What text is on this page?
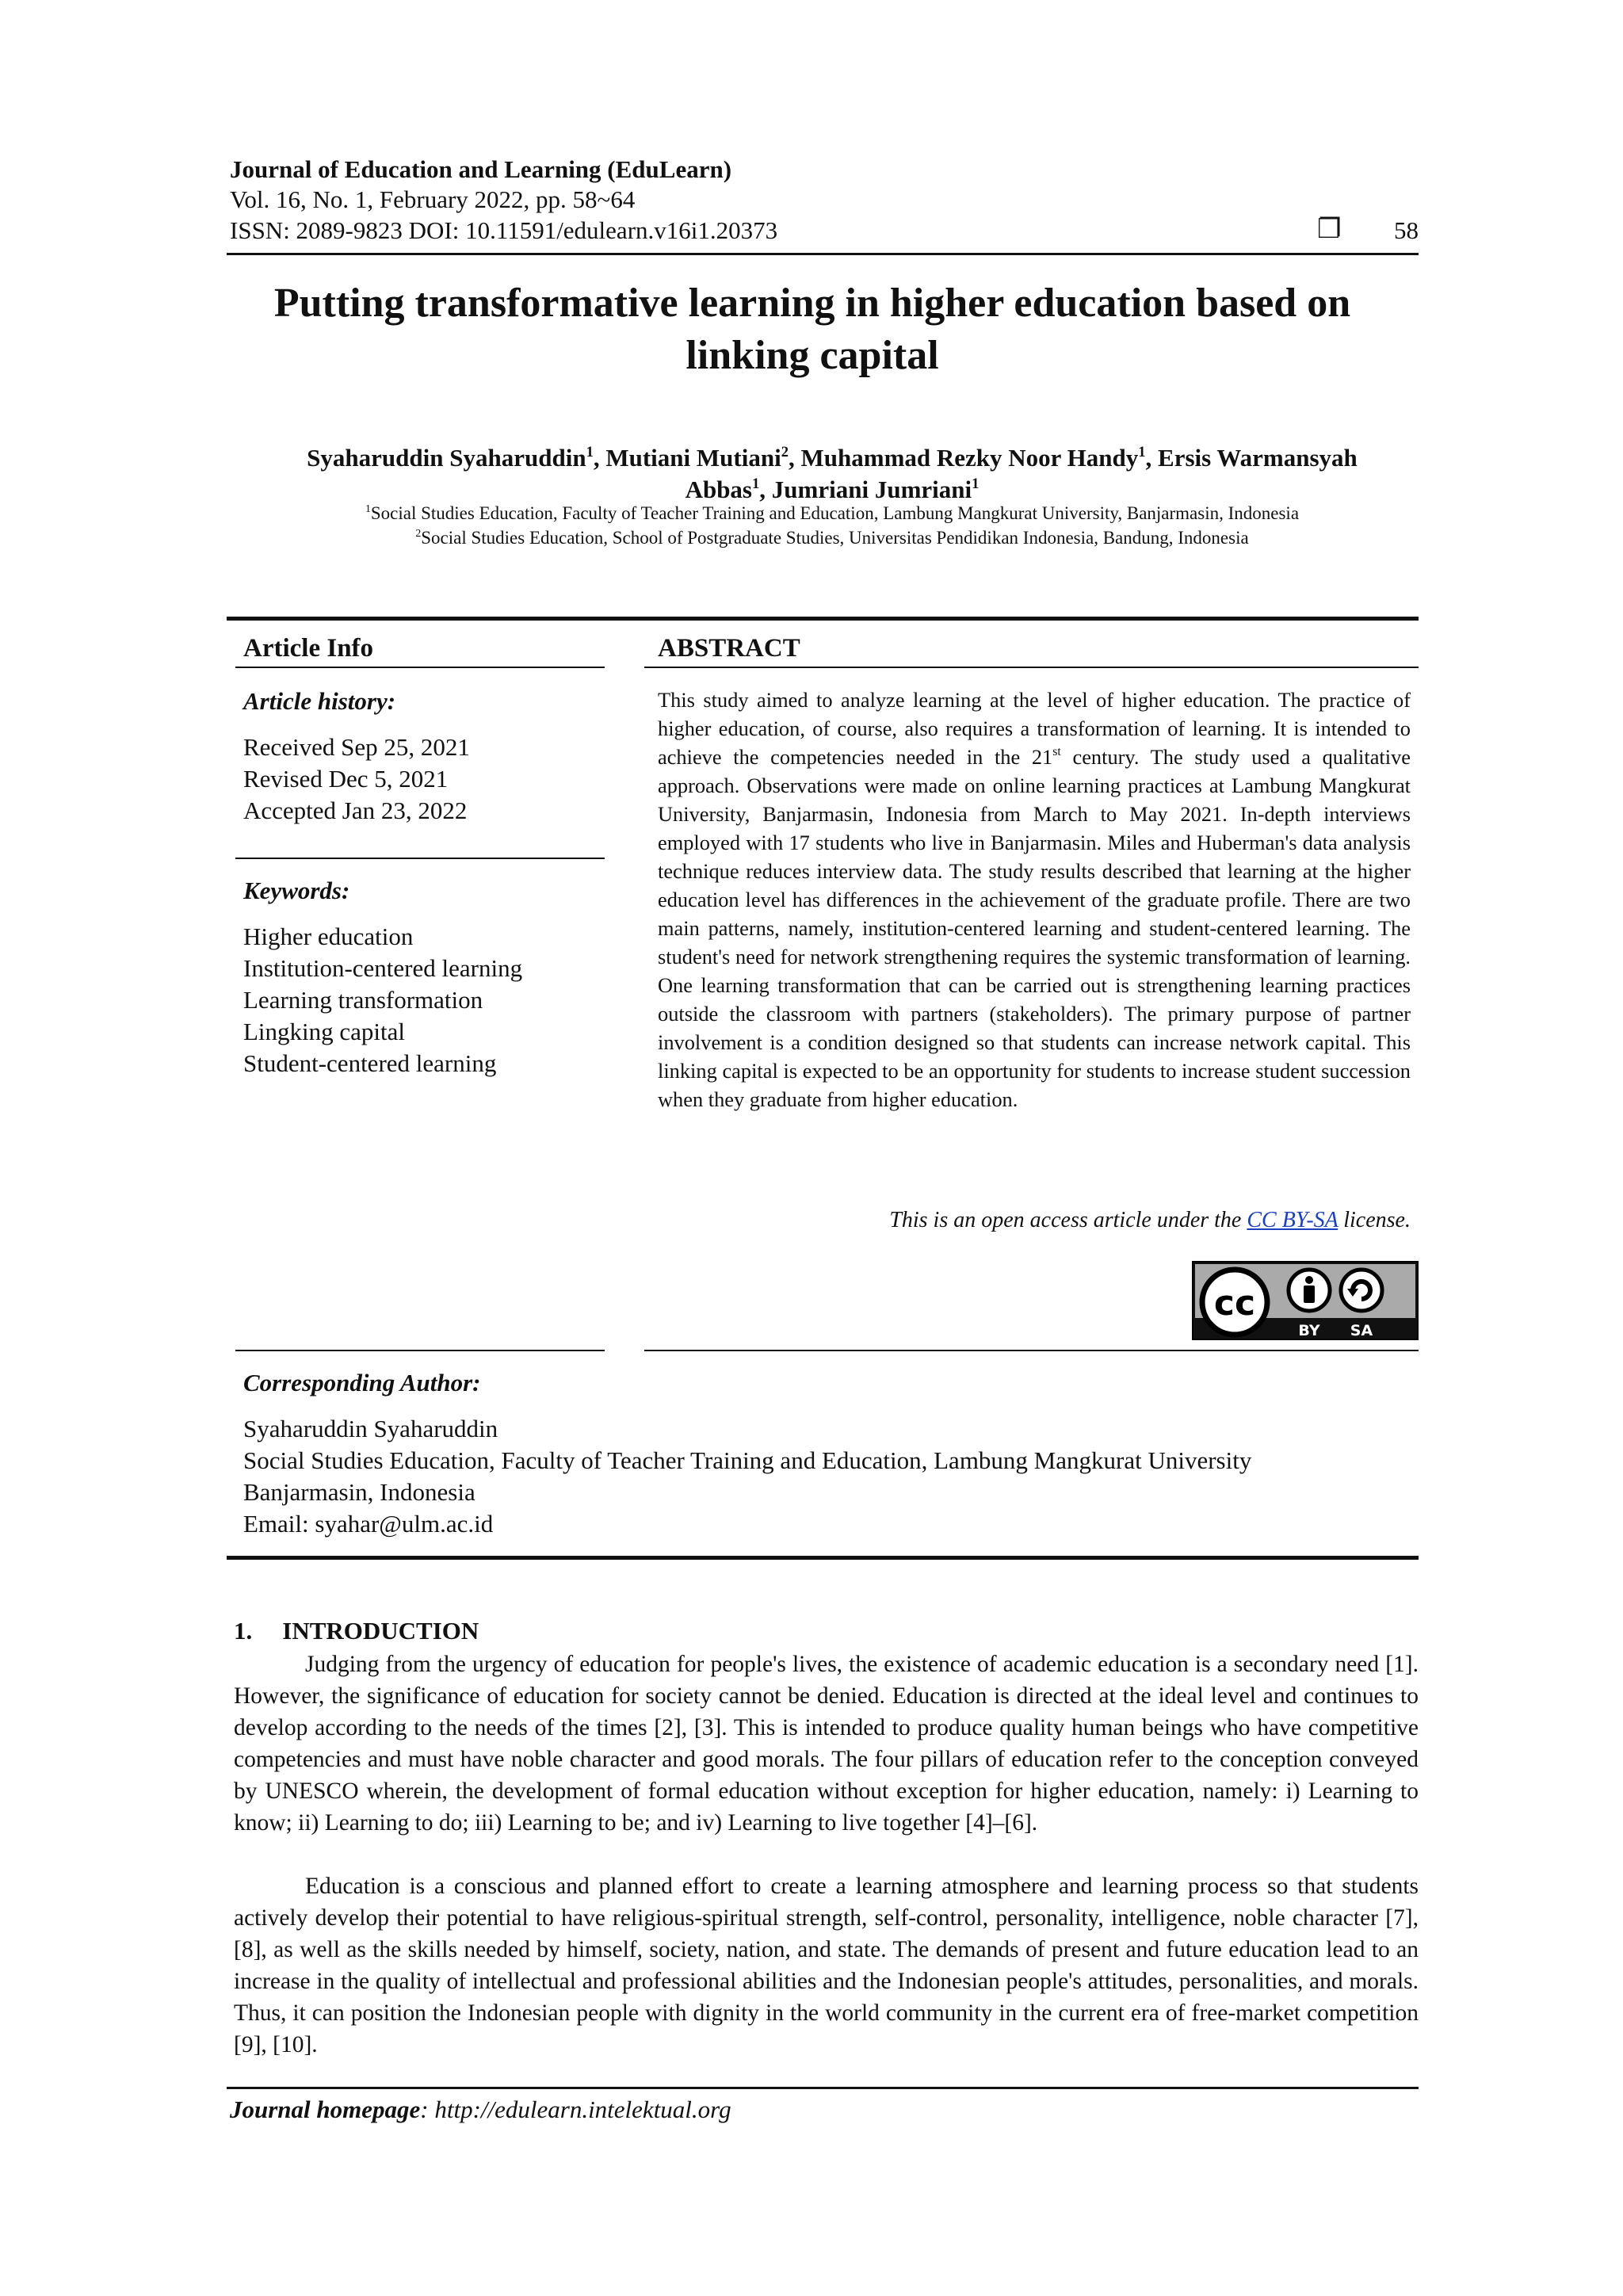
Journal of Education and Learning (EduLearn)
Vol. 16, No. 1, February 2022, pp. 58~64
ISSN: 2089-9823 DOI: 10.11591/edulearn.v16i1.20373	❐ 58
Putting transformative learning in higher education based on
linking capital
Syaharuddin Syaharuddin$^1$, Mutiani Mutiani$^2$, Muhammad Rezky Noor Handy$^1$, Ersis Warmansyah
Abbas$^1$, Jumriani Jumriani$^1$
$^1$Social Studies Education, Faculty of Teacher Training and Education, Lambung Mangkurat University, Banjarmasin, Indonesia
$^2$Social Studies Education, School of Postgraduate Studies, Universitas Pendidikan Indonesia, Bandung, Indonesia
Article Info
Article history:
Received Sep 25, 2021
Revised Dec 5, 2021
Accepted Jan 23, 2022
Keywords:
Higher education
Institution-centered learning
Learning transformation
Lingking capital
Student-centered learning
ABSTRACT
This study aimed to analyze learning at the level of higher education. The practice of higher education, of course, also requires a transformation of learning. It is intended to achieve the competencies needed in the 21st century. The study used a qualitative approach. Observations were made on online learning practices at Lambung Mangkurat University, Banjarmasin, Indonesia from March to May 2021. In-depth interviews employed with 17 students who live in Banjarmasin. Miles and Huberman's data analysis technique reduces interview data. The study results described that learning at the higher education level has differences in the achievement of the graduate profile. There are two main patterns, namely, institution-centered learning and student-centered learning. The student's need for network strengthening requires the systemic transformation of learning. One learning transformation that can be carried out is strengthening learning practices outside the classroom with partners (stakeholders). The primary purpose of partner involvement is a condition designed so that students can increase network capital. This linking capital is expected to be an opportunity for students to increase student succession when they graduate from higher education.
This is an open access article under the CC BY-SA license.
cc
BY SA
Corresponding Author:
Syaharuddin Syaharuddin
Social Studies Education, Faculty of Teacher Training and Education, Lambung Mangkurat University
Banjarmasin, Indonesia
Email: syahar@ulm.ac.id
1. INTRODUCTION
Judging from the urgency of education for people's lives, the existence of academic education is a secondary need [1]. However, the significance of education for society cannot be denied. Education is directed at the ideal level and continues to develop according to the needs of the times [2], [3]. This is intended to produce quality human beings who have competitive competencies and must have noble character and good morals. The four pillars of education refer to the conception conveyed by UNESCO wherein, the development of formal education without exception for higher education, namely: i) Learning to know; ii) Learning to do; iii) Learning to be; and iv) Learning to live together [4]–[6].
Education is a conscious and planned effort to create a learning atmosphere and learning process so that students actively develop their potential to have religious-spiritual strength, self-control, personality, intelligence, noble character [7], [8], as well as the skills needed by himself, society, nation, and state. The demands of present and future education lead to an increase in the quality of intellectual and professional abilities and the Indonesian people's attitudes, personalities, and morals. Thus, it can position the Indonesian people with dignity in the world community in the current era of free-market competition [9], [10].
Journal homepage: http://edulearn.intelektual.org
